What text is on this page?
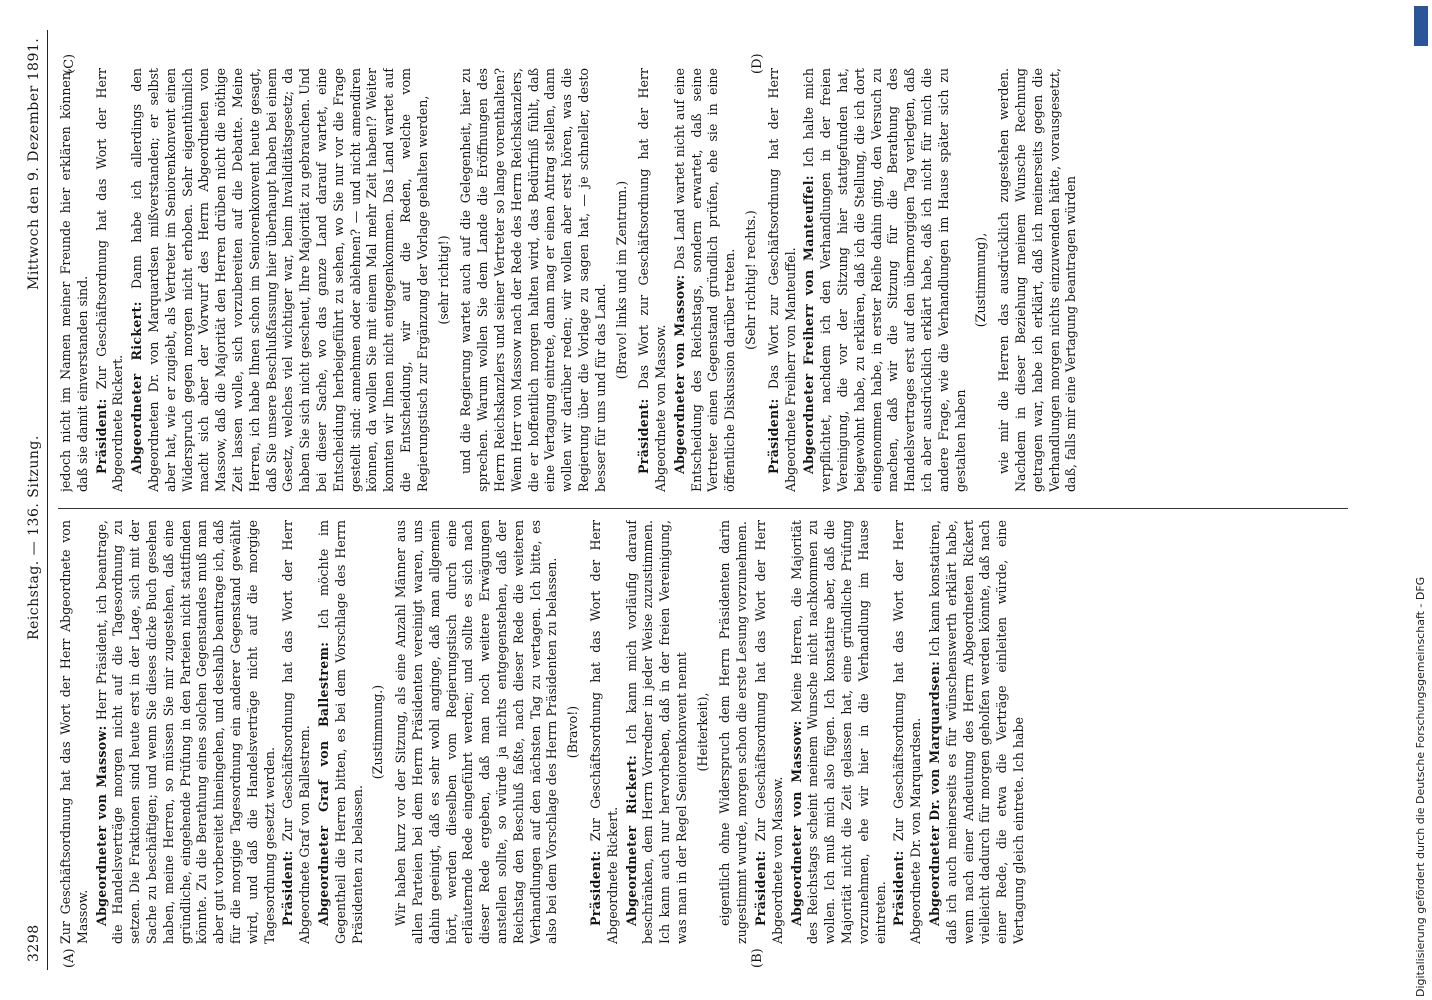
3298
Reichstag. — 136. Sitzung.
Mittwoch den 9. Dezember 1891.
(A)	(B)
(C)	(D)

Zur Geschäftsordnung hat das Wort der Herr Abgeordnete von Massow. Abgeordneter von Massow: Herr Präsident, ich beantrage, die Handelsverträge morgen nicht auf die Tagesordnung zu setzen. Die Fraktionen sind heute erst in der Lage, sich mit der Sache zu beschäftigen; und wenn Sie dieses dicke Buch gesehen haben, meine Herren, so müssen Sie mir zugestehen, daß eine gründliche, eingehende Prüfung in den Parteien nicht stattfinden könnte. Zu die Berathung eines solchen Gegenstandes muß man aber gut vorbereitet hineingehen, und deshalb beantrage ich, daß für die morgige Tagesordnung ein anderer Gegenstand gewählt wird, und daß die Handelsverträge nicht auf die morgige Tagesordnung gesetzt werden. Präsident: Zur Geschäftsordnung hat das Wort der Herr Abgeordnete Graf von Ballestrem. Abgeordneter Graf von Ballestrem: Ich möchte im Gegentheil die Herren bitten, es bei dem Vorschlage des Herrn Präsidenten zu belassen.

(Zustimmung.) Wir haben kurz vor der Sitzung, als eine Anzahl Männer aus allen Parteien bei dem Herrn Präsidenten vereinigt waren, uns dahin geeinigt, daß es sehr wohl anginge, daß man allgemein hört, werden dieselben vom Regierungstisch durch eine erläuternde Rede eingeführt werden; und sollte es sich nach dieser Rede ergeben, daß man noch weitere Erwägungen anstellen sollte, so würde ja nichts entgegenstehen, daß der Reichstag den Beschluß faßte, nach dieser Rede die weiteren Verhandlungen auf den nächsten Tag zu vertagen. Ich bitte, es also bei dem Vorschlage des Herrn Präsidenten zu belassen. (Bravo!)

Präsident: Zur Geschäftsordnung hat das Wort der Herr Abgeordnete Rickert. Abgeordneter Rickert: Ich kann mich vorläufig darauf beschränken, dem Herrn Vorredner in jeder Weise zuzustimmen. Ich kann auch nur hervorheben, daß in der freien Vereinigung, was man in der Regel Seniorenkonvent nennt (Heiterkeit), eigentlich ohne Widerspruch dem Herrn Präsidenten darin zugestimmt wurde, morgen schon die erste Lesung vorzunehmen. Präsident: Zur Geschäftsordnung hat das Wort der Herr Abgeordnete von Massow. Abgeordneter von Massow: Meine Herren, die Majorität des Reichstags scheint meinem Wunsche nicht nachkommen zu wollen. Ich muß mich also fügen. Ich konstatire aber, daß die Majorität nicht die Zeit gelassen hat, eine gründliche Prüfung vorzunehmen, ehe wir hier in die Verhandlung im Hause eintreten. Präsident: Zur Geschäftsordnung hat das Wort der Herr Abgeordnete Dr. von Marquardsen. Abgeordneter Dr. von Marquardsen: Ich kann konstatiren, daß ich auch meinerseits es für wünschenswerth erklärt habe, wenn nach einer Andeutung des Herrn Abgeordneten Rickert vielleicht dadurch für morgen geholfen werden könnte, daß nach einer Rede, die etwa die Verträge einleiten würde, eine Vertagung gleich eintrete. Ich habe

jedoch nicht im Namen meiner Freunde hier erklären können, daß sie damit einverstanden sind. Präsident: Zur Geschäftsordnung hat das Wort der Herr Abgeordnete Rickert. Abgeordneter Rickert: Dann habe ich allerdings den Abgeordneten Dr. von Marquardsen mißverstanden; er selbst aber hat, wie er zugiebt, als Vertreter im Seniorenkonvent einen Widerspruch gegen morgen nicht erhoben. Sehr eigenthümlich macht sich aber der Vorwurf des Herrn Abgeordneten von Massow, daß die Majorität den Herren drüben nicht die nöthige Zeit lassen wolle, sich vorzubereiten auf die Debatte. Meine Herren, ich habe Ihnen schon im Seniorenkonvent heute gesagt, daß Sie unsere Beschlußfassung hier überhaupt haben bei einem Gesetz, welches viel wichtiger war, beim Invaliditätsgesetz; da haben Sie sich nicht gescheut, Ihre Majorität zu gebrauchen. Und bei dieser Sache, wo das ganze Land darauf wartet, eine Entscheidung herbeigeführt zu sehen, wo Sie nur vor die Frage gestellt sind: annehmen oder ablehnen? — und nicht amendiren können, da wollen Sie mit einem Mal mehr Zeit haben!? Weiter konnten wir Ihnen nicht entgegenkommen. Das Land wartet auf die Entscheidung, wir auf die Reden, welche vom Regierungstisch zur Ergänzung der Vorlage gehalten werden, (sehr richtig!) und die Regierung wartet auch auf die Gelegenheit, hier zu sprechen. Warum wollen Sie dem Lande die Eröffnungen des Herrn Reichskanzlers und seiner Vertreter so lange vorenthalten? Wenn Herr von Massow nach der Rede des Herrn Reichskanzlers, die er hoffentlich morgen halten wird, das Bedürfniß fühlt, daß eine Vertagung eintrete, dann mag er einen Antrag stellen, dann wollen wir darüber reden; wir wollen aber erst hören, was die Regierung über die Vorlage zu sagen hat, — je schneller, desto besser für uns und für das Land.

(Bravo! links und im Zentrum.)

Präsident: Das Wort zur Geschäftsordnung hat der Herr Abgeordnete von Massow. Abgeordneter von Massow: Das Land wartet nicht auf eine Entscheidung des Reichstags, sondern erwartet, daß seine Vertreter einen Gegenstand gründlich prüfen, ehe sie in eine öffentliche Diskussion darüber treten. (Sehr richtig! rechts.)

Präsident: Das Wort zur Geschäftsordnung hat der Herr Abgeordnete Freiherr von Manteuffel. Abgeordneter Freiherr von Manteuffel: Ich halte mich verpflichtet, nachdem ich den Verhandlungen in der freien Vereinigung, die vor der Sitzung hier stattgefunden hat, beigewohnt habe, zu erklären, daß ich die Stellung, die ich dort eingenommen habe, in erster Reihe dahin ging, den Versuch zu machen, daß wir die Sitzung für die Berathung des Handelsvertrages erst auf den übermorgigen Tag verlegten, daß ich aber ausdrücklich erklärt habe, daß ich nicht für mich die andere Frage, wie die Verhandlungen im Hause später sich zu gestalten haben

(Zustimmung), wie mir die Herren das ausdrücklich zugestehen werden. Nachdem in dieser Beziehung meinem Wunsche Rechnung getragen war, habe ich erklärt, daß ich meinerseits gegen die Verhandlungen morgen nichts einzuwenden hätte, vorausgesetzt, daß, falls mir eine Vertagung beantragen würden

Digitalisierung gefördert durch die Deutsche Forschungsgemeinschaft - DFG
